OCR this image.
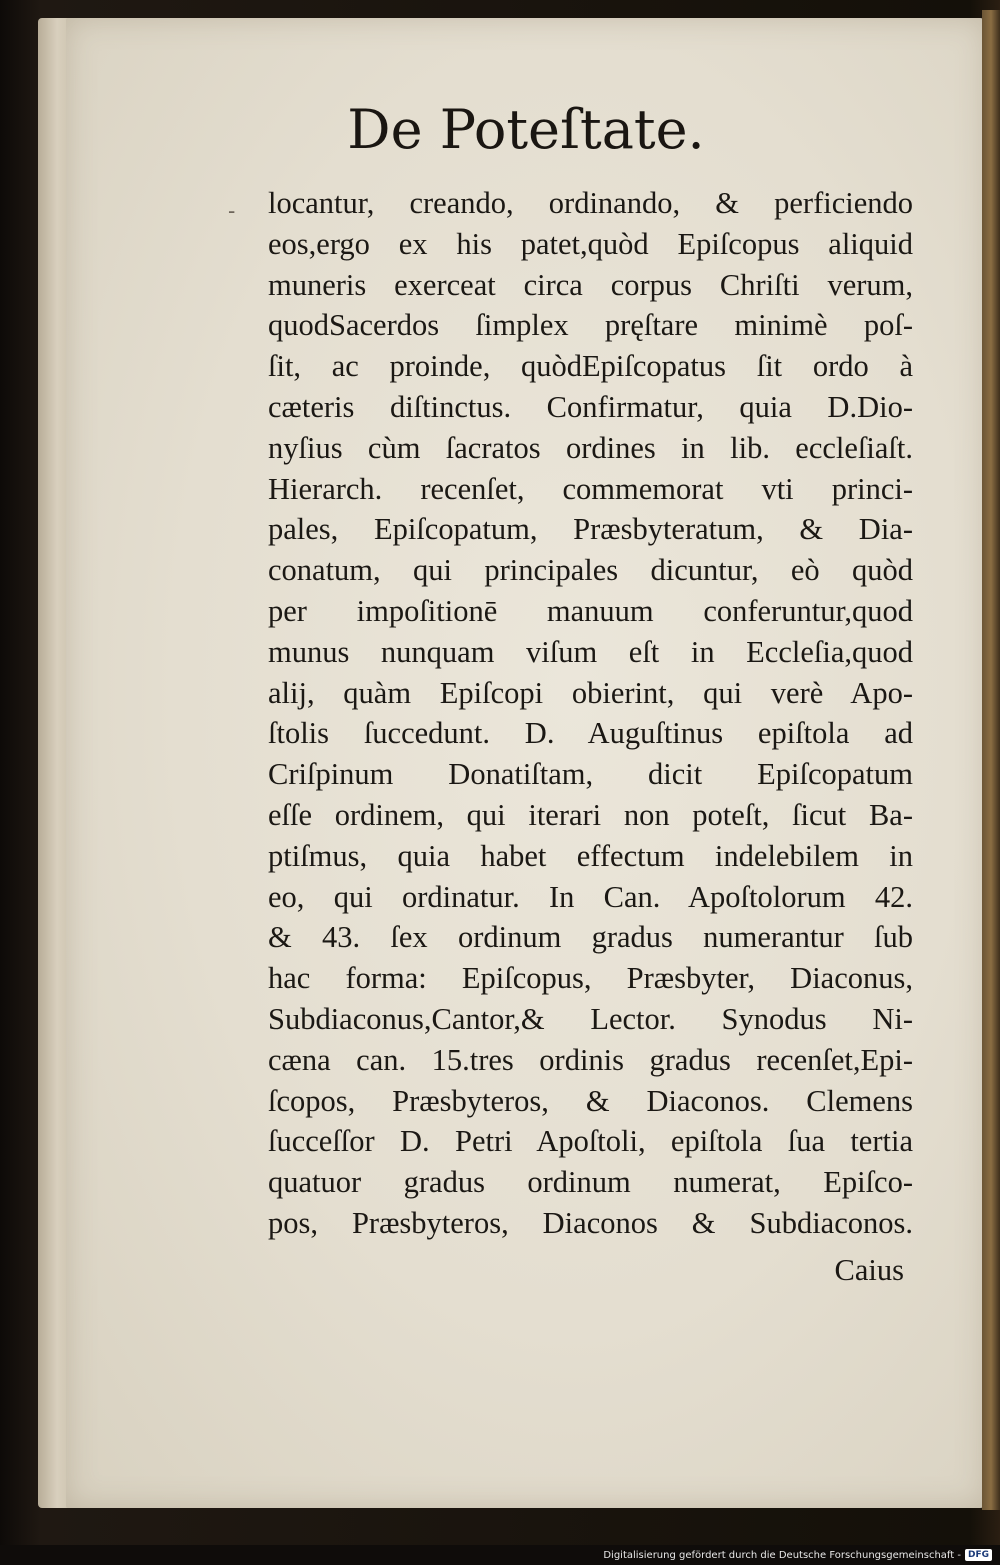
De Poteſtate.
- locantur, creando, ordinando, & perficiendo
eos,ergo ex his patet,quòd Epiſcopus aliquid
muneris exerceat circa corpus Chriſti verum,
quodSacerdos ſimplex pręſtare minimè poſ-
ſit, ac proinde, quòdEpiſcopatus ſit ordo à
cæteris diſtinctus. Confirmatur, quia D.Dio-
nyſius cùm ſacratos ordines in lib. eccleſiaſt.
Hierarch. recenſet, commemorat vti princi-
pales, Epiſcopatum, Præsbyteratum, & Dia-
conatum, qui principales dicuntur, eò quòd
per impoſitionē manuum conferuntur,quod
munus nunquam viſum eſt in Eccleſia,quod
alij, quàm Epiſcopi obierint, qui verè Apo-
ſtolis ſuccedunt. D. Auguſtinus epiſtola ad
Criſpinum Donatiſtam, dicit Epiſcopatum
eſſe ordinem, qui iterari non poteſt, ſicut Ba-
ptiſmus, quia habet effectum indelebilem in
eo, qui ordinatur. In Can. Apoſtolorum 42.
& 43. ſex ordinum gradus numerantur ſub
hac forma: Epiſcopus, Præsbyter, Diaconus,
Subdiaconus,Cantor,& Lector. Synodus Ni-
cæna can. 15.tres ordinis gradus recenſet,Epi-
ſcopos, Præsbyteros, & Diaconos. Clemens
ſucceſſor D. Petri Apoſtoli, epiſtola ſua tertia
quatuor gradus ordinum numerat, Epiſco-
pos, Præsbyteros, Diaconos & Subdiaconos.
Caius
Digitalisierung gefördert durch die Deutsche Forschungsgemeinschaft - DFG
